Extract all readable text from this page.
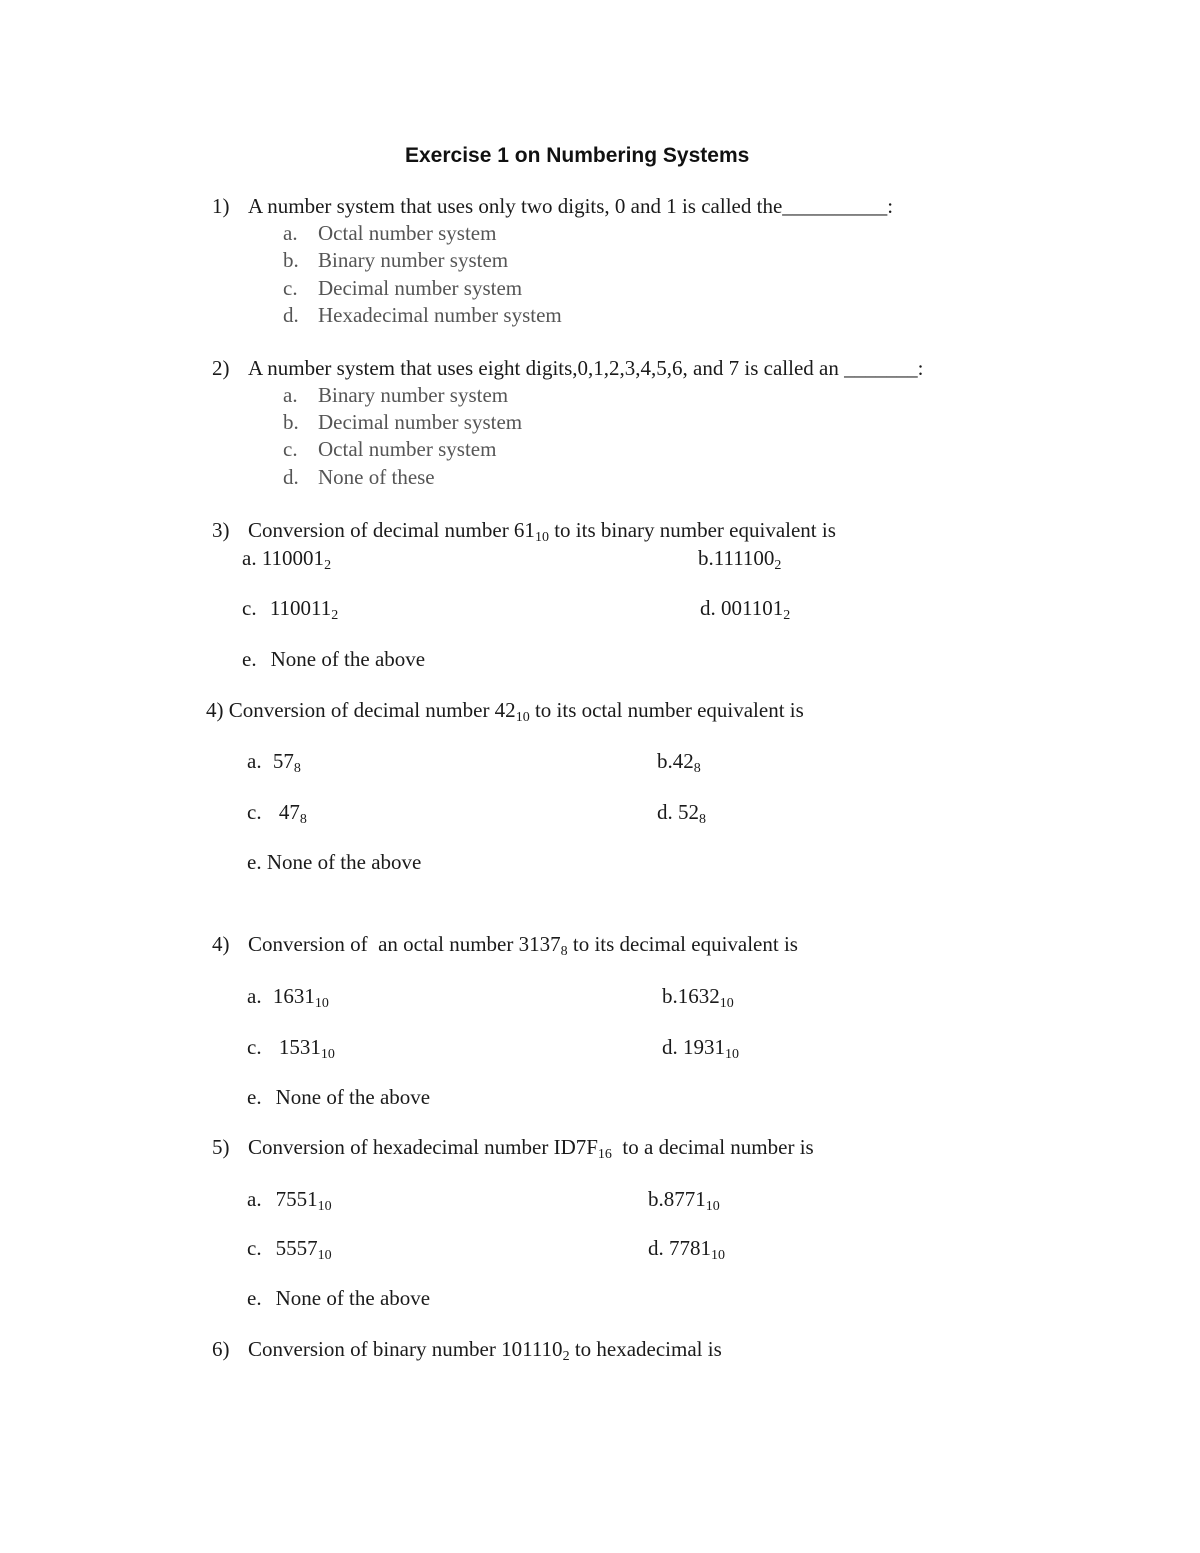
Exercise 1 on Numbering Systems
1) A number system that uses only two digits, 0 and 1 is called the__________:
a. Octal number system
b. Binary number system
c. Decimal number system
d. Hexadecimal number system
2) A number system that uses eight digits,0,1,2,3,4,5,6, and 7 is called an _______:
a. Binary number system
b. Decimal number system
c. Octal number system
d. None of these
3) Conversion of decimal number $61_{10}$ to its binary number equivalent is
a. $110001_2$	$b.111100_2$
c. $110011_2$	d. $001101_2$
e. None of the above
4) Conversion of decimal number $42_{10}$ to its octal number equivalent is
a. $57_8$	$b.42_8$
c. $47_8$	d. $52_8$
e. None of the above
4) Conversion of  an octal number $3137_8$ to its decimal equivalent is
a. $1631_{10}$	$b.1632_{10}$
c. $1531_{10}$	d. $1931_{10}$
e. None of the above
5) Conversion of hexadecimal number $ID7F_{16}$  to a decimal number is
a. $7551_{10}$	$b.8771_{10}$
c. $5557_{10}$	d. $7781_{10}$
e. None of the above
6) Conversion of binary number $101110_2$ to hexadecimal is
